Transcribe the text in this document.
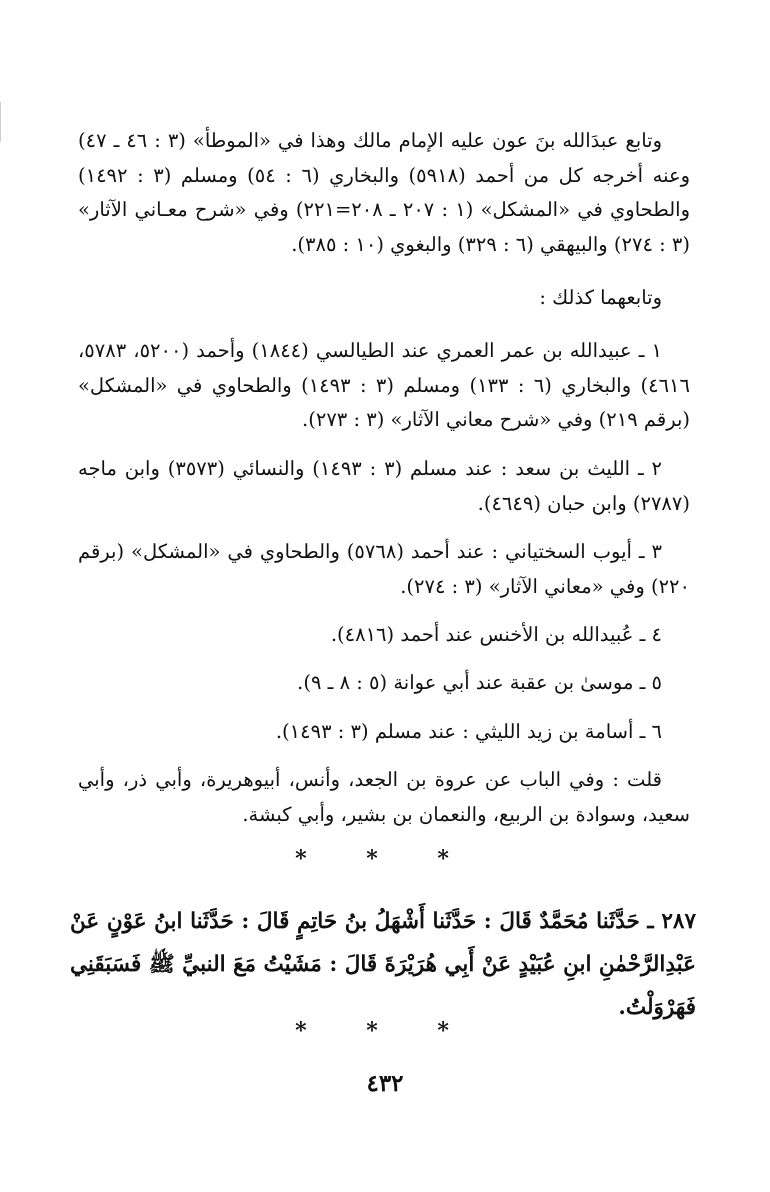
وتابع عبدَالله بنَ عون عليه الإمام مالك وهذا في «الموطأ» (٣ : ٤٦ ـ ٤٧) وعنه أخرجه كل من أحمد (٥٩١٨) والبخاري (٦ : ٥٤) ومسلم (٣ : ١٤٩٢) والطحاوي في «المشكل» (١ : ٢٠٧ ـ ٢٠٨=٢٢١) وفي «شرح معـاني الآثار» (٣ : ٢٧٤) والبيهقي (٦ : ٣٢٩) والبغوي (١٠ : ٣٨٥).

وتابعهما كذلك :

١ ـ عبيدالله بن عمر العمري عند الطيالسي (١٨٤٤) وأحمد (٥٢٠٠، ٥٧٨٣، ٤٦١٦) والبخاري (٦ : ١٣٣) ومسلم (٣ : ١٤٩٣) والطحاوي في «المشكل» (برقم ٢١٩) وفي «شرح معاني الآثار» (٣ : ٢٧٣).

٢ ـ الليث بن سعد : عند مسلم (٣ : ١٤٩٣) والنسائي (٣٥٧٣) وابن ماجه (٢٧٨٧) وابن حبان (٤٦٤٩).

٣ ـ أيوب السختياني : عند أحمد (٥٧٦٨) والطحاوي في «المشكل» (برقم ٢٢٠) وفي «معاني الآثار» (٣ : ٢٧٤).

٤ ـ عُبيدالله بن الأخنس عند أحمد (٤٨١٦).

٥ ـ موسىٰ بن عقبة عند أبي عوانة (٥ : ٨ ـ ٩).

٦ ـ أسامة بن زيد الليثي : عند مسلم (٣ : ١٤٩٣).

قلت : وفي الباب عن عروة بن الجعد، وأنس، أبيوهريرة، وأبي ذر، وأبي سعيد، وسوادة بن الربيع، والنعمان بن بشير، وأبي كبشة.

* * *
٢٨٧ ـ حَدَّثَنا مُحَمَّدٌ قَالَ : حَدَّثَنا أَشْهَلُ بنُ حَاتِمٍ قَالَ : حَدَّثَنا ابنُ عَوْنٍ عَنْ عَبْدِالرَّحْمٰنِ ابنِ عُبَيْدٍ عَنْ أَبِي هُرَيْرَةَ قَالَ : مَشَيْتُ مَعَ النبيِّ ﷺ فَسَبَقَنِي فَهَرْوَلْتُ.
* * *
٤٣٢
